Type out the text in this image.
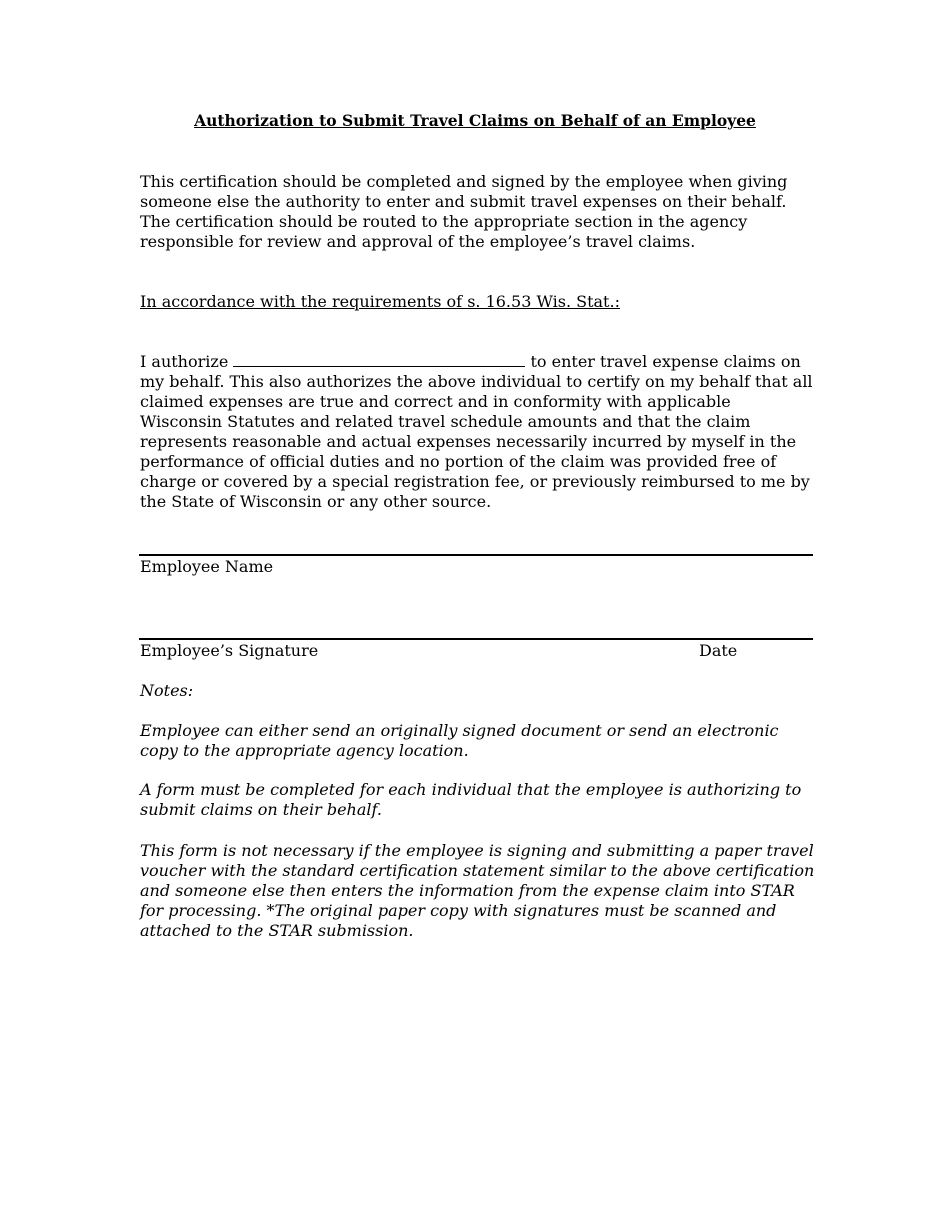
Authorization to Submit Travel Claims on Behalf of an Employee

This certification should be completed and signed by the employee when giving someone else the authority to enter and submit travel expenses on their behalf. The certification should be routed to the appropriate section in the agency responsible for review and approval of the employee’s travel claims.

In accordance with the requirements of s. 16.53 Wis. Stat.:

I authorize	to enter travel expense claims on my behalf. This also authorizes the above individual to certify on my behalf that all claimed expenses are true and correct and in conformity with applicable Wisconsin Statutes and related travel schedule amounts and that the claim represents reasonable and actual expenses necessarily incurred by myself in the performance of official duties and no portion of the claim was provided free of charge or covered by a special registration fee, or previously reimbursed to me by the State of Wisconsin or any other source.

Employee Name

Employee’s Signature	Date

Notes:

Employee can either send an originally signed document or send an electronic copy to the appropriate agency location.

A form must be completed for each individual that the employee is authorizing to submit claims on their behalf.

This form is not necessary if the employee is signing and submitting a paper travel voucher with the standard certification statement similar to the above certification and someone else then enters the information from the expense claim into STAR for processing. *The original paper copy with signatures must be scanned and attached to the STAR submission.
